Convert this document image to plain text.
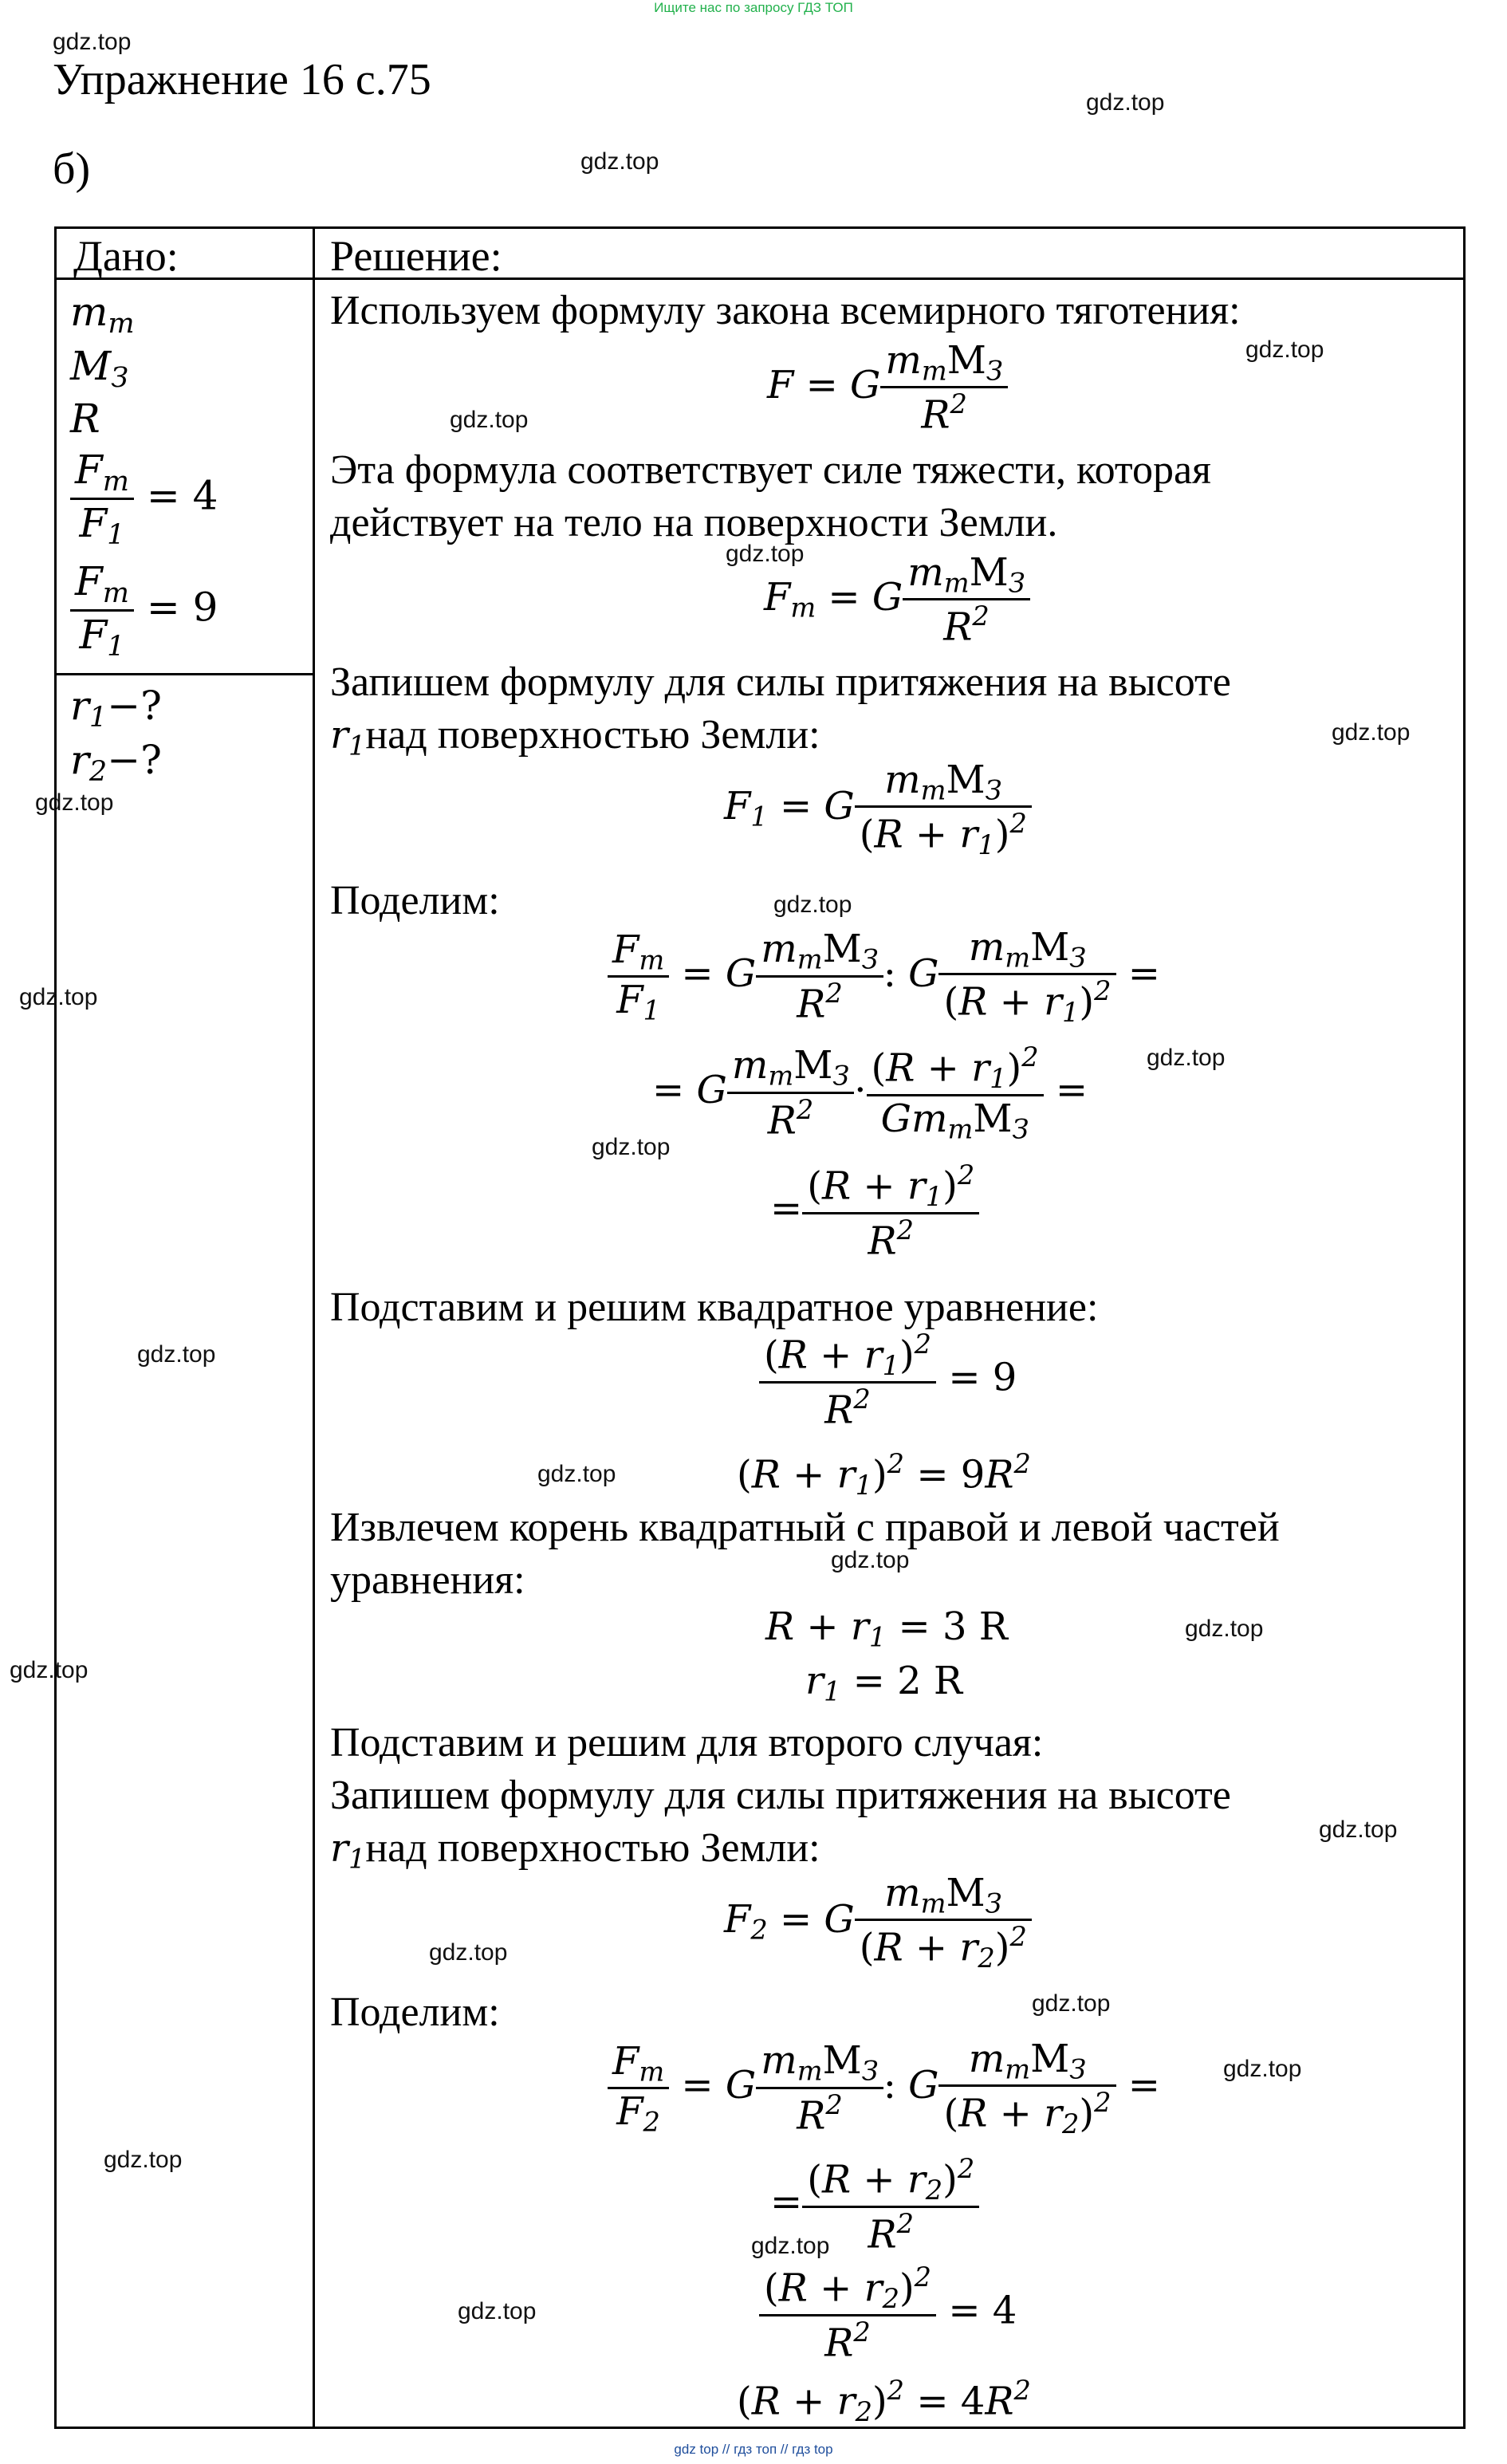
Ищите нас по запросу ГДЗ ТОП
gdz.top
Упражнение 16 с.75
б)
Дано:	Решение:
$m_т$
$M_З$
R
$\frac{F_т}{F_1} = 4$
$\frac{F_т}{F_1} = 9$
$r_1-$?
$r_2-$?
Используем формулу закона всемирного тяготения:
F = G $\frac{m_тМ_З}{R^2}$
Эта формула соответствует силе тяжести, которая
действует на тело на поверхности Земли.
$F_т = G \frac{m_тМ_З}{R^2}$
Запишем формулу для силы притяжения на высоте
$r_1над$ поверхностью Земли:
$F_1 = G \frac{m_тМ_З}{(R + r_1)^2}$
Поделим:
$\frac{F_т}{F_1} = G \frac{m_тМ_З}{R^2}$ : G $\frac{m_тМ_З}{(R + r_1)^2}$ =
= G $\frac{m_тМ_З}{R^2} \cdot \frac{(R + r_1)^2}{Gm_тМ_З}$ =
= $\frac{(R + r_1)^2}{R^2}$
Подставим и решим квадратное уравнение:
$\frac{(R + r_1)^2}{R^2} = 9$
$(R + r_1)^2 = 9R^2$
Извлечем корень квадратный с правой и левой частей
уравнения:
$R + r_1 = 3$ R
$r_1 = 2$ R
Подставим и решим для второго случая:
Запишем формулу для силы притяжения на высоте
$r_1над$ поверхностью Земли:
$F_2 = G \frac{m_тМ_З}{(R + r_2)^2}$
Поделим:
$\frac{F_т}{F_2} = G \frac{m_тМ_З}{R^2}$ : G $\frac{m_тМ_З}{(R + r_2)^2}$ =
= $\frac{(R + r_2)^2}{R^2}$
$\frac{(R + r_2)^2}{R^2} = 4$
$(R + r_2)^2 = 4R^2$
gdz.top
gdz.top
gdz.top
gdz.top
gdz.top
gdz.top
gdz.top
gdz.top
gdz.top
gdz.top
gdz.top
gdz.top
gdz.top
gdz.top
gdz.top
gdz.top
gdz.top
gdz.top
gdz.top
gdz.top
gdz.top
gdz.top
gdz.top
gdz top // гдз топ // гдз top
